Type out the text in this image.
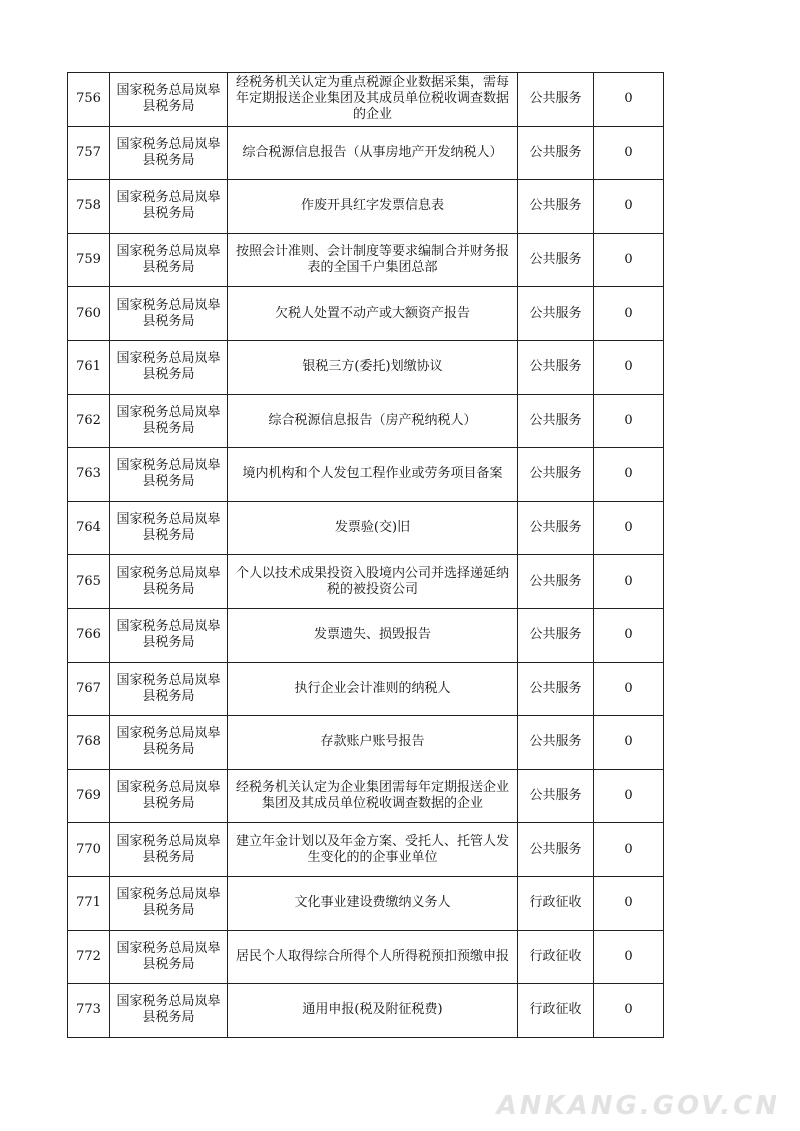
756	国家税务总局岚皋县税务局	经税务机关认定为重点税源企业数据采集，需每年定期报送企业集团及其成员单位税收调查数据的企业	公共服务	0
757	国家税务总局岚皋县税务局	综合税源信息报告（从事房地产开发纳税人）	公共服务	0
758	国家税务总局岚皋县税务局	作废开具红字发票信息表	公共服务	0
759	国家税务总局岚皋县税务局	按照会计准则、会计制度等要求编制合并财务报表的全国千户集团总部	公共服务	0
760	国家税务总局岚皋县税务局	欠税人处置不动产或大额资产报告	公共服务	0
761	国家税务总局岚皋县税务局	银税三方(委托)划缴协议	公共服务	0
762	国家税务总局岚皋县税务局	综合税源信息报告（房产税纳税人）	公共服务	0
763	国家税务总局岚皋县税务局	境内机构和个人发包工程作业或劳务项目备案	公共服务	0
764	国家税务总局岚皋县税务局	发票验(交)旧	公共服务	0
765	国家税务总局岚皋县税务局	个人以技术成果投资入股境内公司并选择递延纳税的被投资公司	公共服务	0
766	国家税务总局岚皋县税务局	发票遗失、损毁报告	公共服务	0
767	国家税务总局岚皋县税务局	执行企业会计准则的纳税人	公共服务	0
768	国家税务总局岚皋县税务局	存款账户账号报告	公共服务	0
769	国家税务总局岚皋县税务局	经税务机关认定为企业集团需每年定期报送企业集团及其成员单位税收调查数据的企业	公共服务	0
770	国家税务总局岚皋县税务局	建立年金计划以及年金方案、受托人、托管人发生变化的的企事业单位	公共服务	0
771	国家税务总局岚皋县税务局	文化事业建设费缴纳义务人	行政征收	0
772	国家税务总局岚皋县税务局	居民个人取得综合所得个人所得税预扣预缴申报	行政征收	0
773	国家税务总局岚皋县税务局	通用申报(税及附征税费)	行政征收	0
ANKANG.GOV.CN
